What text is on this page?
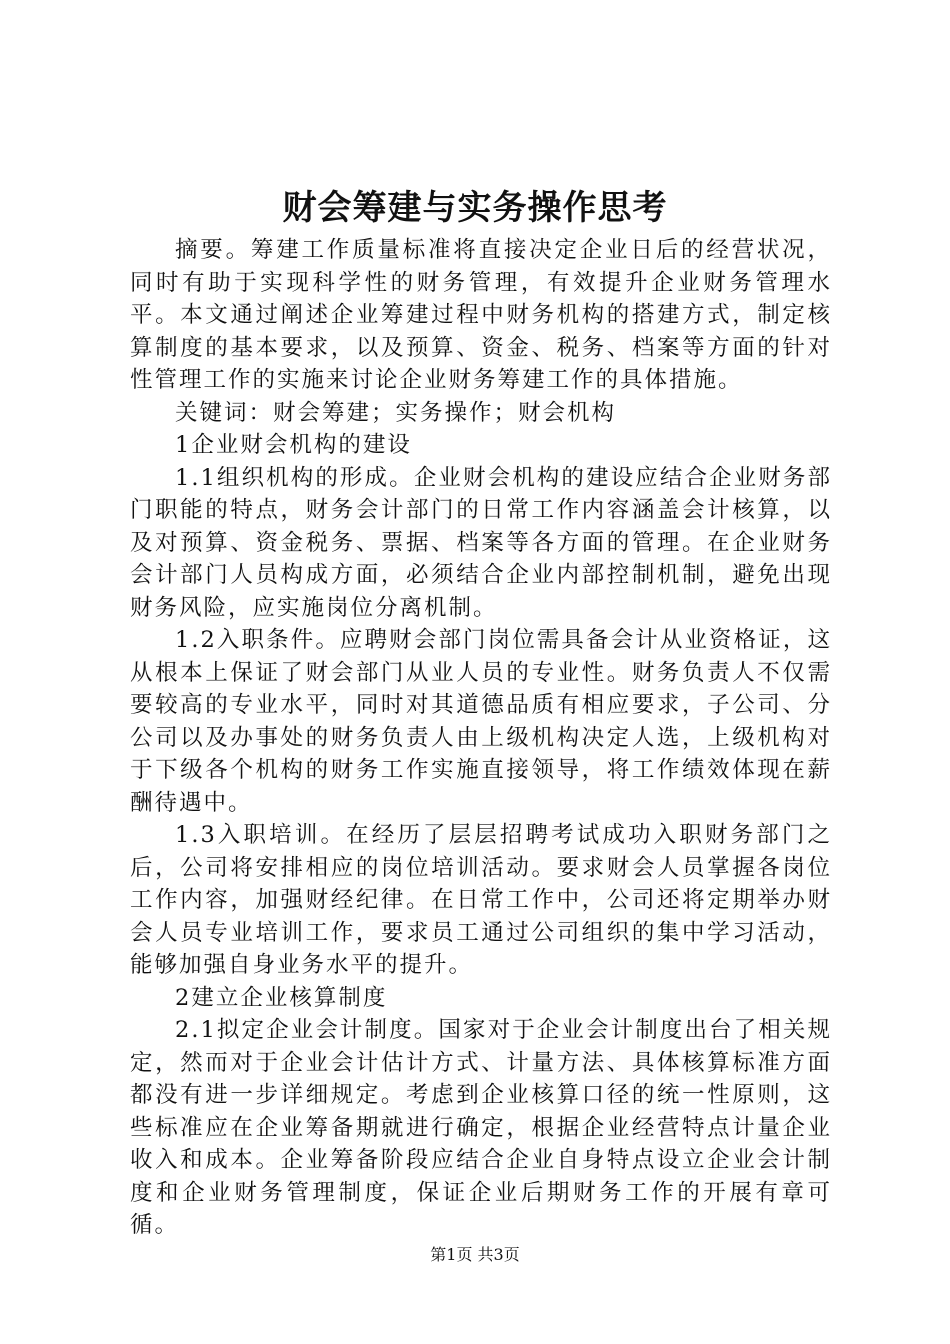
财会筹建与实务操作思考

摘要。筹建工作质量标准将直接决定企业日后的经营状况，同时有助于实现科学性的财务管理，有效提升企业财务管理水平。本文通过阐述企业筹建过程中财务机构的搭建方式，制定核算制度的基本要求，以及预算、资金、税务、档案等方面的针对性管理工作的实施来讨论企业财务筹建工作的具体措施。

关键词：财会筹建；实务操作；财会机构

1企业财会机构的建设

1.1组织机构的形成。企业财会机构的建设应结合企业财务部门职能的特点，财务会计部门的日常工作内容涵盖会计核算，以及对预算、资金税务、票据、档案等各方面的管理。在企业财务会计部门人员构成方面，必须结合企业内部控制机制，避免出现财务风险，应实施岗位分离机制。

1.2入职条件。应聘财会部门岗位需具备会计从业资格证，这从根本上保证了财会部门从业人员的专业性。财务负责人不仅需要较高的专业水平，同时对其道德品质有相应要求，子公司、分公司以及办事处的财务负责人由上级机构决定人选，上级机构对于下级各个机构的财务工作实施直接领导，将工作绩效体现在薪酬待遇中。

1.3入职培训。在经历了层层招聘考试成功入职财务部门之后，公司将安排相应的岗位培训活动。要求财会人员掌握各岗位工作内容，加强财经纪律。在日常工作中，公司还将定期举办财会人员专业培训工作，要求员工通过公司组织的集中学习活动，能够加强自身业务水平的提升。

2建立企业核算制度

2.1拟定企业会计制度。国家对于企业会计制度出台了相关规定，然而对于企业会计估计方式、计量方法、具体核算标准方面都没有进一步详细规定。考虑到企业核算口径的统一性原则，这些标准应在企业筹备期就进行确定，根据企业经营特点计量企业收入和成本。企业筹备阶段应结合企业自身特点设立企业会计制度和企业财务管理制度，保证企业后期财务工作的开展有章可循。

第1页 共3页
